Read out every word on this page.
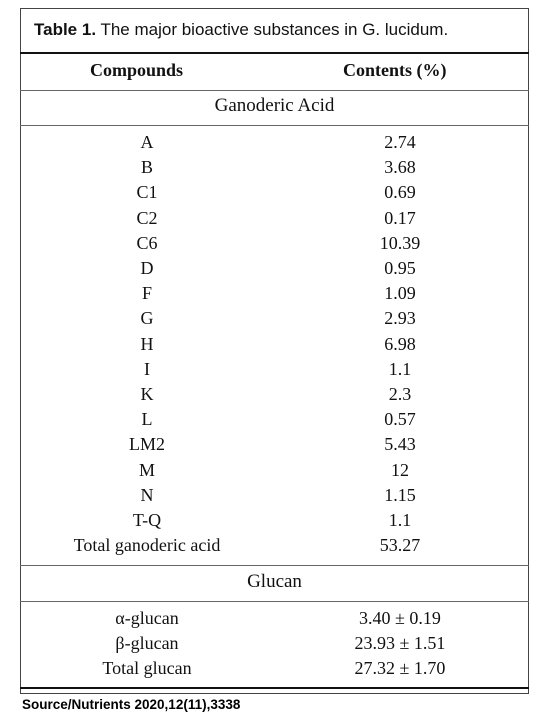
Table 1. The major bioactive substances in G. lucidum.
Compounds	Contents (%)
Ganoderic Acid
A	2.74
B	3.68
C1	0.69
C2	0.17
C6	10.39
D	0.95
F	1.09
G	2.93
H	6.98
I	1.1
K	2.3
L	0.57
LM2	5.43
M	12
N	1.15
T-Q	1.1
Total ganoderic acid	53.27
Glucan
α-glucan	3.40 ± 0.19
β-glucan	23.93 ± 1.51
Total glucan	27.32 ± 1.70
Source/Nutrients 2020,12(11),3338
